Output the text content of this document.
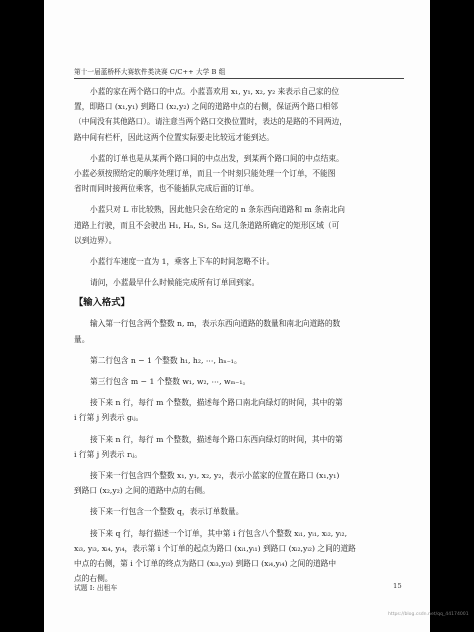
第十一届蓝桥杯大赛软件类决赛 C/C++ 大学 B 组
小蓝的家在两个路口的中点。小蓝喜欢用 x₁, y₁, x₂, y₂ 来表示自己家的位
置，即路口 (x₁,y₁) 到路口 (x₂,y₂) 之间的道路中点的右侧，保证两个路口相邻
（中间没有其他路口）。请注意当两个路口交换位置时，表达的是路的不同两边，
路中间有栏杆，因此这两个位置实际要走比较远才能到达。
小蓝的订单也是从某两个路口间的中点出发，到某两个路口间的中点结束。
小蓝必须按照给定的顺序处理订单，而且一个时刻只能处理一个订单，不能图
省时而同时接两位乘客，也不能插队完成后面的订单。
小蓝只对 L 市比较熟，因此他只会在给定的 n 条东西向道路和 m 条南北向
道路上行驶，而且不会驶出 H₁, Hₙ, S₁, Sₘ 这几条道路所确定的矩形区域（可
以到边界）。
小蓝行车速度一直为 1，乘客上下车的时间忽略不计。
请问，小蓝最早什么时候能完成所有订单回到家。
【输入格式】
输入第一行包含两个整数 n, m，表示东西向道路的数量和南北向道路的数
量。
第二行包含 n − 1 个整数 h₁, h₂, ⋯, hₙ₋₁。
第三行包含 m − 1 个整数 w₁, w₂, ⋯, wₘ₋₁。
接下来 n 行，每行 m 个整数，描述每个路口南北向绿灯的时间，其中的第
i 行第 j 列表示 gᵢⱼ。
接下来 n 行，每行 m 个整数，描述每个路口东西向绿灯的时间，其中的第
i 行第 j 列表示 rᵢⱼ。
接下来一行包含四个整数 x₁, y₁, x₂, y₂，表示小蓝家的位置在路口 (x₁,y₁)
到路口 (x₂,y₂) 之间的道路中点的右侧。
接下来一行包含一个整数 q，表示订单数量。
接下来 q 行，每行描述一个订单，其中第 i 行包含八个整数 xᵢ₁, yᵢ₁, xᵢ₂, yᵢ₂,
xᵢ₃, yᵢ₃, xᵢ₄, yᵢ₄，表示第 i 个订单的起点为路口 (xᵢ₁,yᵢ₁) 到路口 (xᵢ₂,yᵢ₂) 之间的道路
中点的右侧，第 i 个订单的终点为路口 (xᵢ₃,yᵢ₃) 到路口 (xᵢ₄,yᵢ₄) 之间的道路中
点的右侧。
试题 I: 出租车	15
https://blog.csdn.net/qq_44174001
